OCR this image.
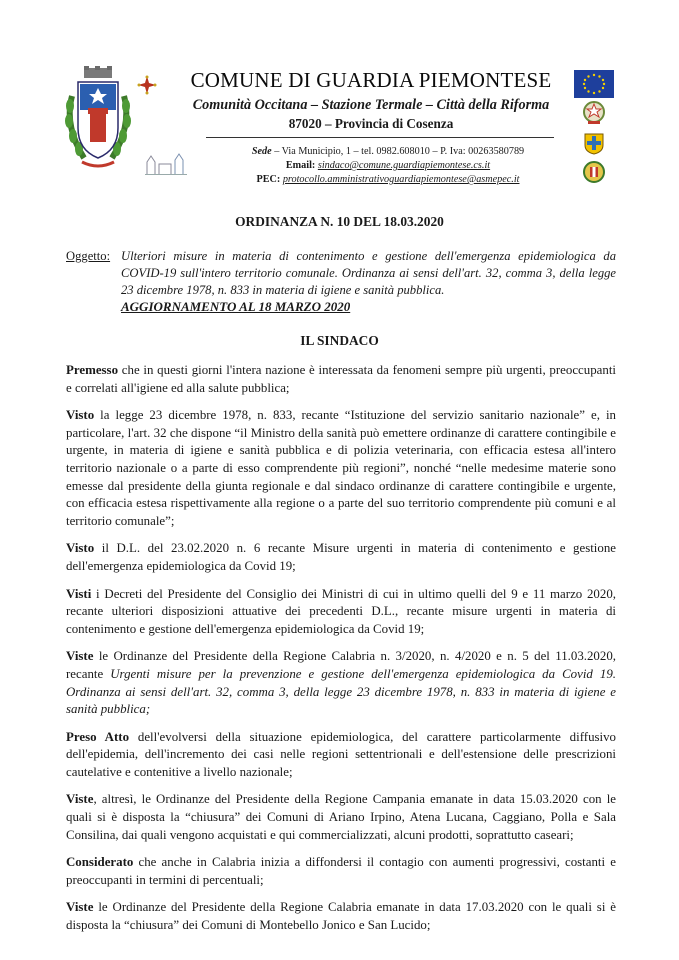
COMUNE DI GUARDIA PIEMONTESE
Comunità Occitana – Stazione Termale – Città della Riforma
87020 – Provincia di Cosenza
Sede – Via Municipio, 1 – tel. 0982.608010 – P. Iva: 00263580789
Email: sindaco@comune.guardiapiemontese.cs.it
PEC: protocollo.amministrativoguardiapiemontese@asmepec.it
ORDINANZA N. 10 DEL 18.03.2020
Oggetto: Ulteriori misure in materia di contenimento e gestione dell'emergenza epidemiologica da COVID-19 sull'intero territorio comunale. Ordinanza ai sensi dell'art. 32, comma 3, della legge 23 dicembre 1978, n. 833 in materia di igiene e sanità pubblica.
AGGIORNAMENTO AL 18 MARZO 2020
IL SINDACO

Premesso che in questi giorni l'intera nazione è interessata da fenomeni sempre più urgenti, preoccupanti e correlati all'igiene ed alla salute pubblica;

Visto la legge 23 dicembre 1978, n. 833, recante “Istituzione del servizio sanitario nazionale” e, in particolare, l'art. 32 che dispone “il Ministro della sanità può emettere ordinanze di carattere contingibile e urgente, in materia di igiene e sanità pubblica e di polizia veterinaria, con efficacia estesa all'intero territorio nazionale o a parte di esso comprendente più regioni”, nonché “nelle medesime materie sono emesse dal presidente della giunta regionale e dal sindaco ordinanze di carattere contingibile e urgente, con efficacia estesa rispettivamente alla regione o a parte del suo territorio comprendente più comuni e al territorio comunale”;

Visto il D.L. del 23.02.2020 n. 6 recante Misure urgenti in materia di contenimento e gestione dell'emergenza epidemiologica da Covid 19;

Visti i Decreti del Presidente del Consiglio dei Ministri di cui in ultimo quelli del 9 e 11 marzo 2020, recante ulteriori disposizioni attuative dei precedenti D.L., recante misure urgenti in materia di contenimento e gestione dell'emergenza epidemiologica da Covid 19;

Viste le Ordinanze del Presidente della Regione Calabria n. 3/2020, n. 4/2020 e n. 5 del 11.03.2020, recante Urgenti misure per la prevenzione e gestione dell'emergenza epidemiologica da Covid 19. Ordinanza ai sensi dell'art. 32, comma 3, della legge 23 dicembre 1978, n. 833 in materia di igiene e sanità pubblica;

Preso Atto dell'evolversi della situazione epidemiologica, del carattere particolarmente diffusivo dell'epidemia, dell'incremento dei casi nelle regioni settentrionali e dell'estensione delle prescrizioni cautelative e contenitive a livello nazionale;

Viste, altresì, le Ordinanze del Presidente della Regione Campania emanate in data 15.03.2020 con le quali si è disposta la “chiusura” dei Comuni di Ariano Irpino, Atena Lucana, Caggiano, Polla e Sala Consilina, dai quali vengono acquistati e qui commercializzati, alcuni prodotti, soprattutto caseari;

Considerato che anche in Calabria inizia a diffondersi il contagio con aumenti progressivi, costanti e preoccupanti in termini di percentuali;

Viste le Ordinanze del Presidente della Regione Calabria emanate in data 17.03.2020 con le quali si è disposta la “chiusura” dei Comuni di Montebello Jonico e San Lucido;
